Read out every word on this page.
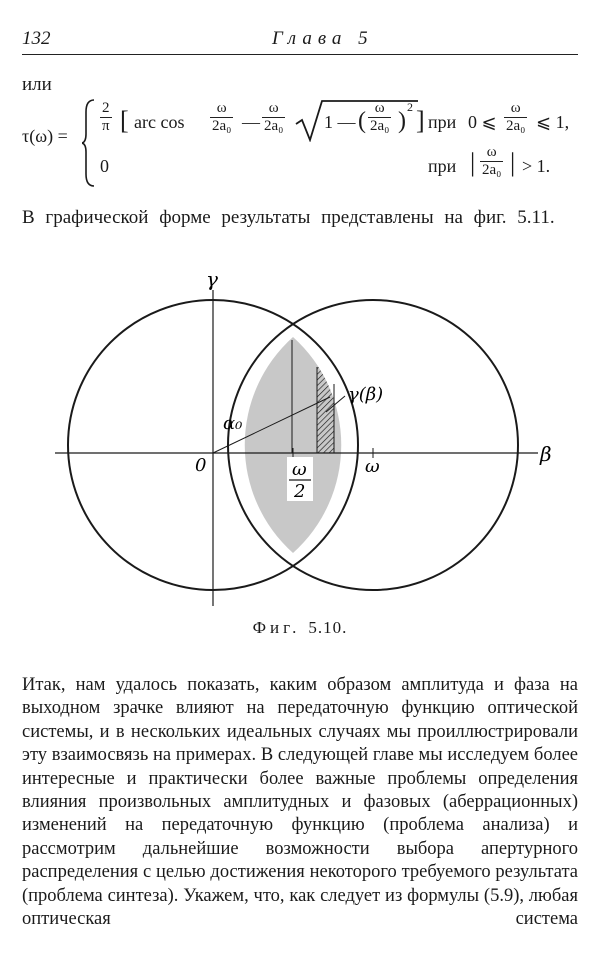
132	Глава 5
или
τ(ω) =
$\frac{2}{\pi}$ [ arc $\cos \frac{\omega}{\text{2a₀}}$ — $\frac{\omega}{\text{2a₀}} 1$ — ( $\frac{\omega}{\text{2a₀}}$ )
2 ] при 0 ⩽ $\frac{\omega}{\text{2a₀}}$ ⩽ 1,
0	при | $\frac{\omega}{\text{2a₀}}$ | > 1.

В графической форме результаты представлены на фиг. 5.11.

γ
β
0
α₀
ω
γ(β)
ω
2
Фиг. 5.10.

Итак, нам удалось показать, каким образом амплитуда и фаза на выходном зрачке влияют на передаточную функцию оптической системы, и в нескольких идеальных случаях мы проиллюстрировали эту взаимосвязь на примерах. В следующей главе мы исследуем более интересные и практически более важные проблемы определения влияния произвольных амплитудных и фазовых (аберрационных) изменений на передаточную функцию (проблема анализа) и рассмотрим дальнейшие возможности выбора апертурного распределения с целью достижения некоторого требуемого результата (проблема синтеза). Укажем, что, как следует из формулы (5.9), любая оптическая система
